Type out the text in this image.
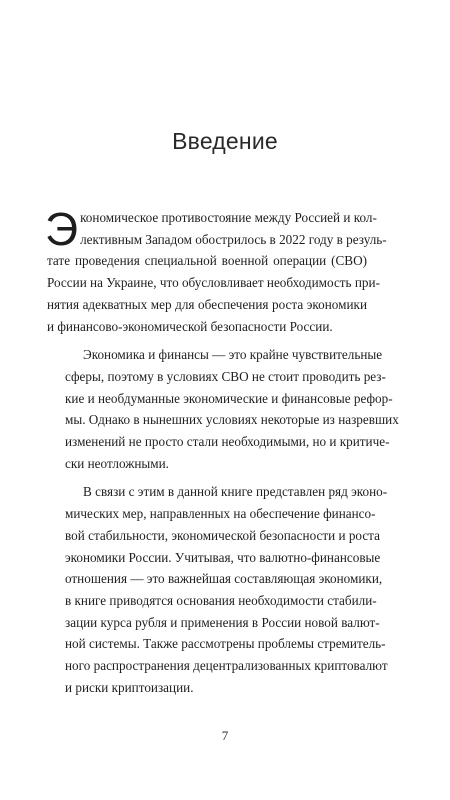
Введение
Э кономическое противостояние между Россией и кол-
лективным Западом обострилось в 2022 году в резуль-
тате проведения специальной военной операции (СВО)
России на Украине, что обусловливает необходимость при-
нятия адекватных мер для обеспечения роста экономики
и финансово-экономической безопасности России.
Экономика и финансы — это крайне чувствительные
сферы, поэтому в условиях СВО не стоит проводить рез-
кие и необдуманные экономические и финансовые рефор-
мы. Однако в нынешних условиях некоторые из назревших
изменений не просто стали необходимыми, но и критиче-
ски неотложными.
В связи с этим в данной книге представлен ряд эконо-
мических мер, направленных на обеспечение финансо-
вой стабильности, экономической безопасности и роста
экономики России. Учитывая, что валютно-финансовые
отношения — это важнейшая составляющая экономики,
в книге приводятся основания необходимости стабили-
зации курса рубля и применения в России новой валют-
ной системы. Также рассмотрены проблемы стремитель-
ного распространения децентрализованных криптовалют
и риски криптоизации.
7
